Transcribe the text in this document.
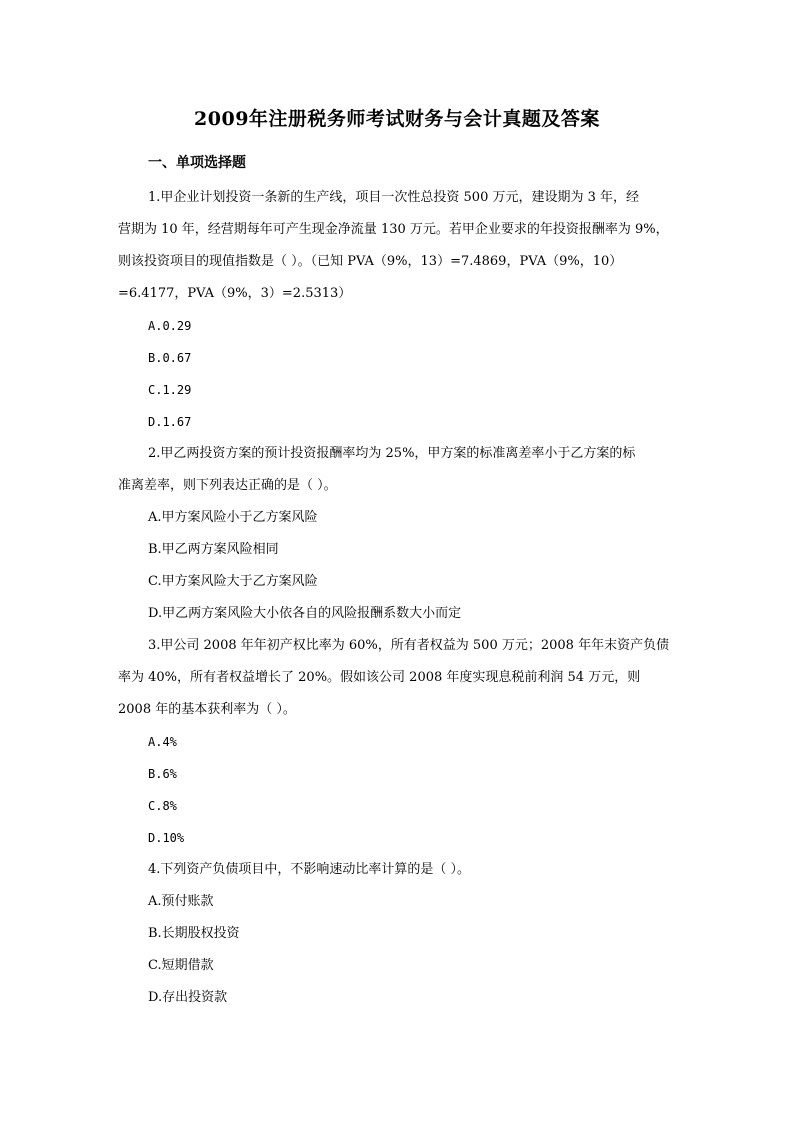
2009年注册税务师考试财务与会计真题及答案
一、单项选择题
1.甲企业计划投资一条新的生产线，项目一次性总投资 500 万元，建设期为 3 年，经
营期为 10 年，经营期每年可产生现金净流量 130 万元。若甲企业要求的年投资报酬率为 9%，
则该投资项目的现值指数是（ ）。（已知 PVA（9%，13）=7.4869，PVA（9%，10）
=6.4177，PVA（9%，3）=2.5313）
A.0.29
B.0.67
C.1.29
D.1.67
2.甲乙两投资方案的预计投资报酬率均为 25%，甲方案的标准离差率小于乙方案的标
准离差率，则下列表达正确的是（ ）。
A.甲方案风险小于乙方案风险
B.甲乙两方案风险相同
C.甲方案风险大于乙方案风险
D.甲乙两方案风险大小依各自的风险报酬系数大小而定
3.甲公司 2008 年年初产权比率为 60%，所有者权益为 500 万元；2008 年年末资产负债
率为 40%，所有者权益增长了 20%。假如该公司 2008 年度实现息税前利润 54 万元，则
2008 年的基本获利率为（ ）。
A.4%
B.6%
C.8%
D.10%
4.下列资产负债项目中，不影响速动比率计算的是（ ）。
A.预付账款
B.长期股权投资
C.短期借款
D.存出投资款
